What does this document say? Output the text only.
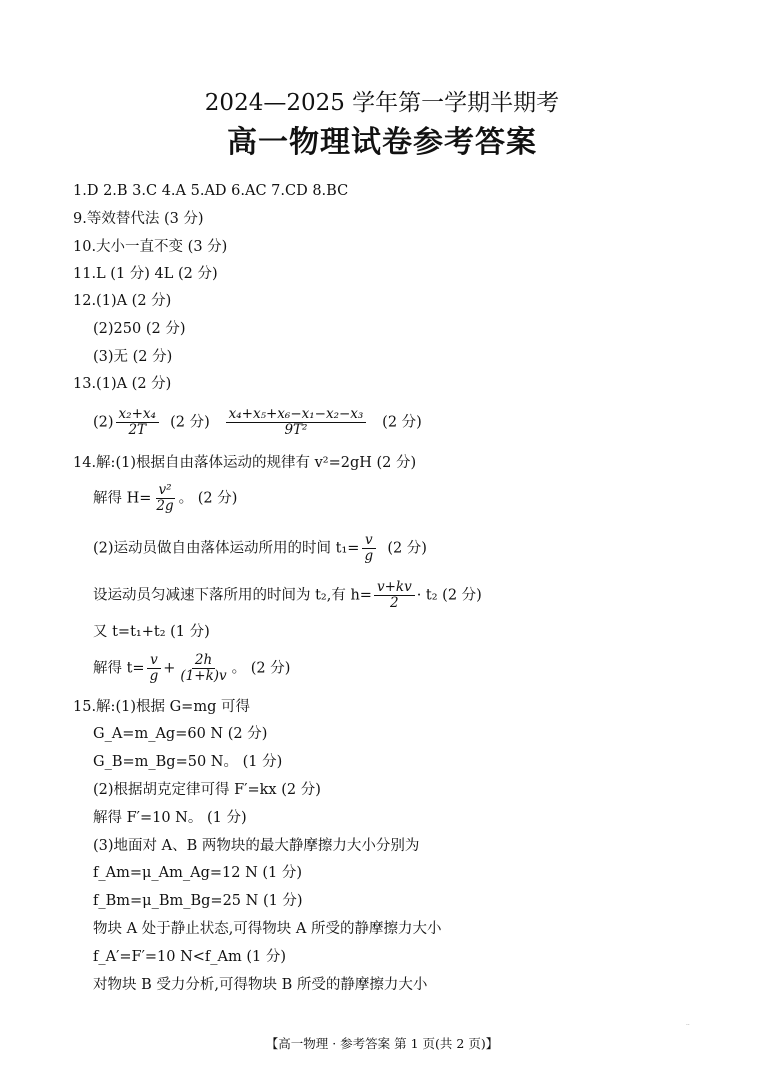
2024—2025 学年第一学期半期考
高一物理试卷参考答案
1.D 2.B 3.C 4.A 5.AD 6.AC 7.CD 8.BC
9.等效替代法 (3 分)
10.大小一直不变 (3 分)
11.L (1 分) 4L (2 分)
12.(1)A (2 分)
(2)250 (2 分)
(3)无 (2 分)
13.(1)A (2 分)
$(2) \frac{\text{x₂+x₄}}{2T} (2$ 分) $\frac{\text{x₄+x₅+x₆−x₁−x₂−x₃}}{\text{9T²}} (2$ 分)
14.解:(1)根据自由落体运动的规律有 v²=2gH (2 分)
解得 $H= \frac{\text{v²}}{2g}$ 。 (2 分)
(2)运动员做自由落体运动所用的时间 $t_1= \frac{v}{g} (2$ 分)
设运动员匀减速下落所用的时间为 t₂,有 $h= \frac{v+kv}{2} \cdot t_2$ (2 分)
又 t=t₁+t₂ (1 分)
解得 $t= \frac{v}{g} + \frac{2h}{(1+k)v}$ 。 (2 分)
15.解:(1)根据 G=mg 可得
G_A=m_Ag=60 N (2 分)
G_B=m_Bg=50 N。 (1 分)
(2)根据胡克定律可得 F′=kx (2 分)
解得 F′=10 N。 (1 分)
(3)地面对 A、B 两物块的最大静摩擦力大小分别为
f_Am=μ_Am_Ag=12 N (1 分)
f_Bm=μ_Bm_Bg=25 N (1 分)
物块 A 处于静止状态,可得物块 A 所受的静摩擦力大小
f_A′=F′=10 N<f_Am (1 分)
对物块 B 受力分析,可得物块 B 所受的静摩擦力大小
【高一物理 · 参考答案 第 1 页(共 2 页)】
..
